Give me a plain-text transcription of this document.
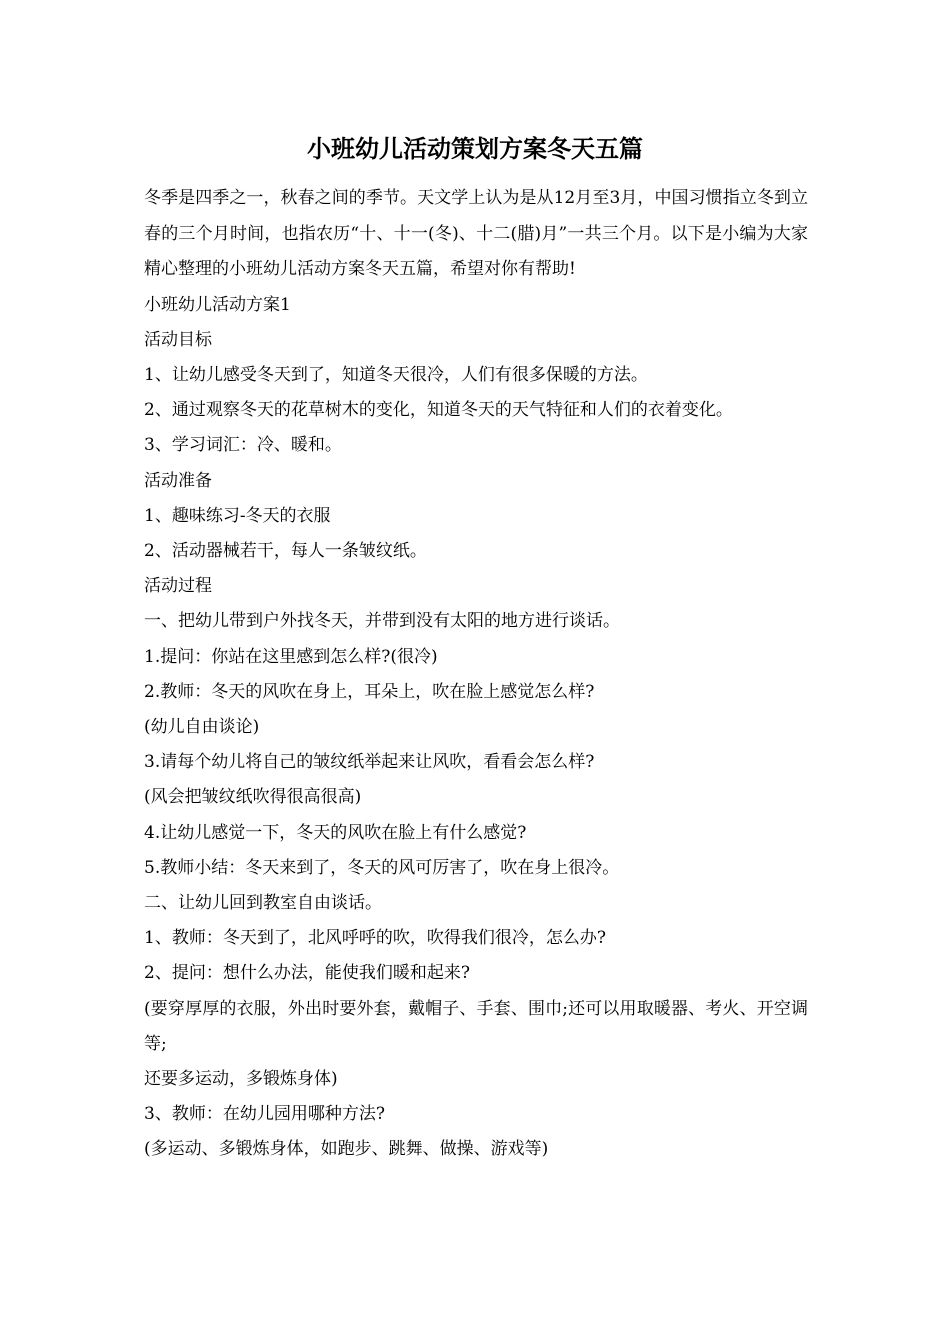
小班幼儿活动策划方案冬天五篇

冬季是四季之一，秋春之间的季节。天文学上认为是从12月至3月，中国习惯指立冬到立春的三个月时间，也指农历“十、十一(冬)、十二(腊)月”一共三个月。以下是小编为大家精心整理的小班幼儿活动方案冬天五篇，希望对你有帮助!

小班幼儿活动方案1

活动目标

1、让幼儿感受冬天到了，知道冬天很冷，人们有很多保暖的方法。

2、通过观察冬天的花草树木的变化，知道冬天的天气特征和人们的衣着变化。

3、学习词汇：冷、暖和。

活动准备

1、趣味练习-冬天的衣服

2、活动器械若干，每人一条皱纹纸。

活动过程

一、把幼儿带到户外找冬天，并带到没有太阳的地方进行谈话。

1.提问：你站在这里感到怎么样?(很冷)

2.教师：冬天的风吹在身上，耳朵上，吹在脸上感觉怎么样?

(幼儿自由谈论)

3.请每个幼儿将自己的皱纹纸举起来让风吹，看看会怎么样?

(风会把皱纹纸吹得很高很高)

4.让幼儿感觉一下，冬天的风吹在脸上有什么感觉?

5.教师小结：冬天来到了，冬天的风可厉害了，吹在身上很冷。

二、让幼儿回到教室自由谈话。

1、教师：冬天到了，北风呼呼的吹，吹得我们很冷，怎么办?

2、提问：想什么办法，能使我们暖和起来?

(要穿厚厚的衣服，外出时要外套，戴帽子、手套、围巾;还可以用取暖器、考火、开空调等;

还要多运动，多锻炼身体)

3、教师：在幼儿园用哪种方法?

(多运动、多锻炼身体，如跑步、跳舞、做操、游戏等)
